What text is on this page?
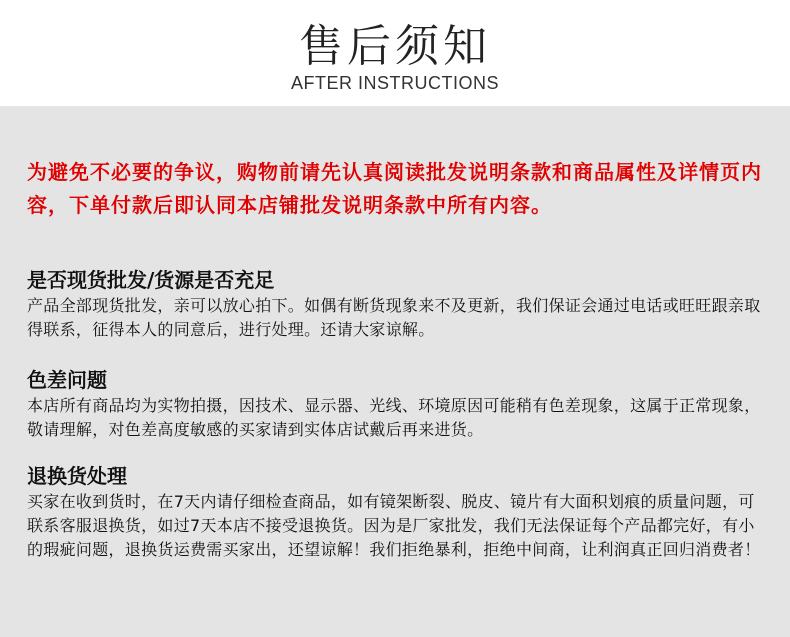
售后须知
AFTER INSTRUCTIONS
为避免不必要的争议，购物前请先认真阅读批发说明条款和商品属性及详情页内容，下单付款后即认同本店铺批发说明条款中所有内容。
是否现货批发/货源是否充足
产品全部现货批发，亲可以放心拍下。如偶有断货现象来不及更新，我们保证会通过电话或旺旺跟亲取得联系，征得本人的同意后，进行处理。还请大家谅解。
色差问题
本店所有商品均为实物拍摄，因技术、显示器、光线、环境原因可能稍有色差现象，这属于正常现象，敬请理解，对色差高度敏感的买家请到实体店试戴后再来进货。
退换货处理
买家在收到货时，在7天内请仔细检查商品，如有镜架断裂、脱皮、镜片有大面积划痕的质量问题，可联系客服退换货，如过7天本店不接受退换货。因为是厂家批发，我们无法保证每个产品都完好，有小的瑕疵问题，退换货运费需买家出，还望谅解！我们拒绝暴利，拒绝中间商，让利润真正回归消费者！
